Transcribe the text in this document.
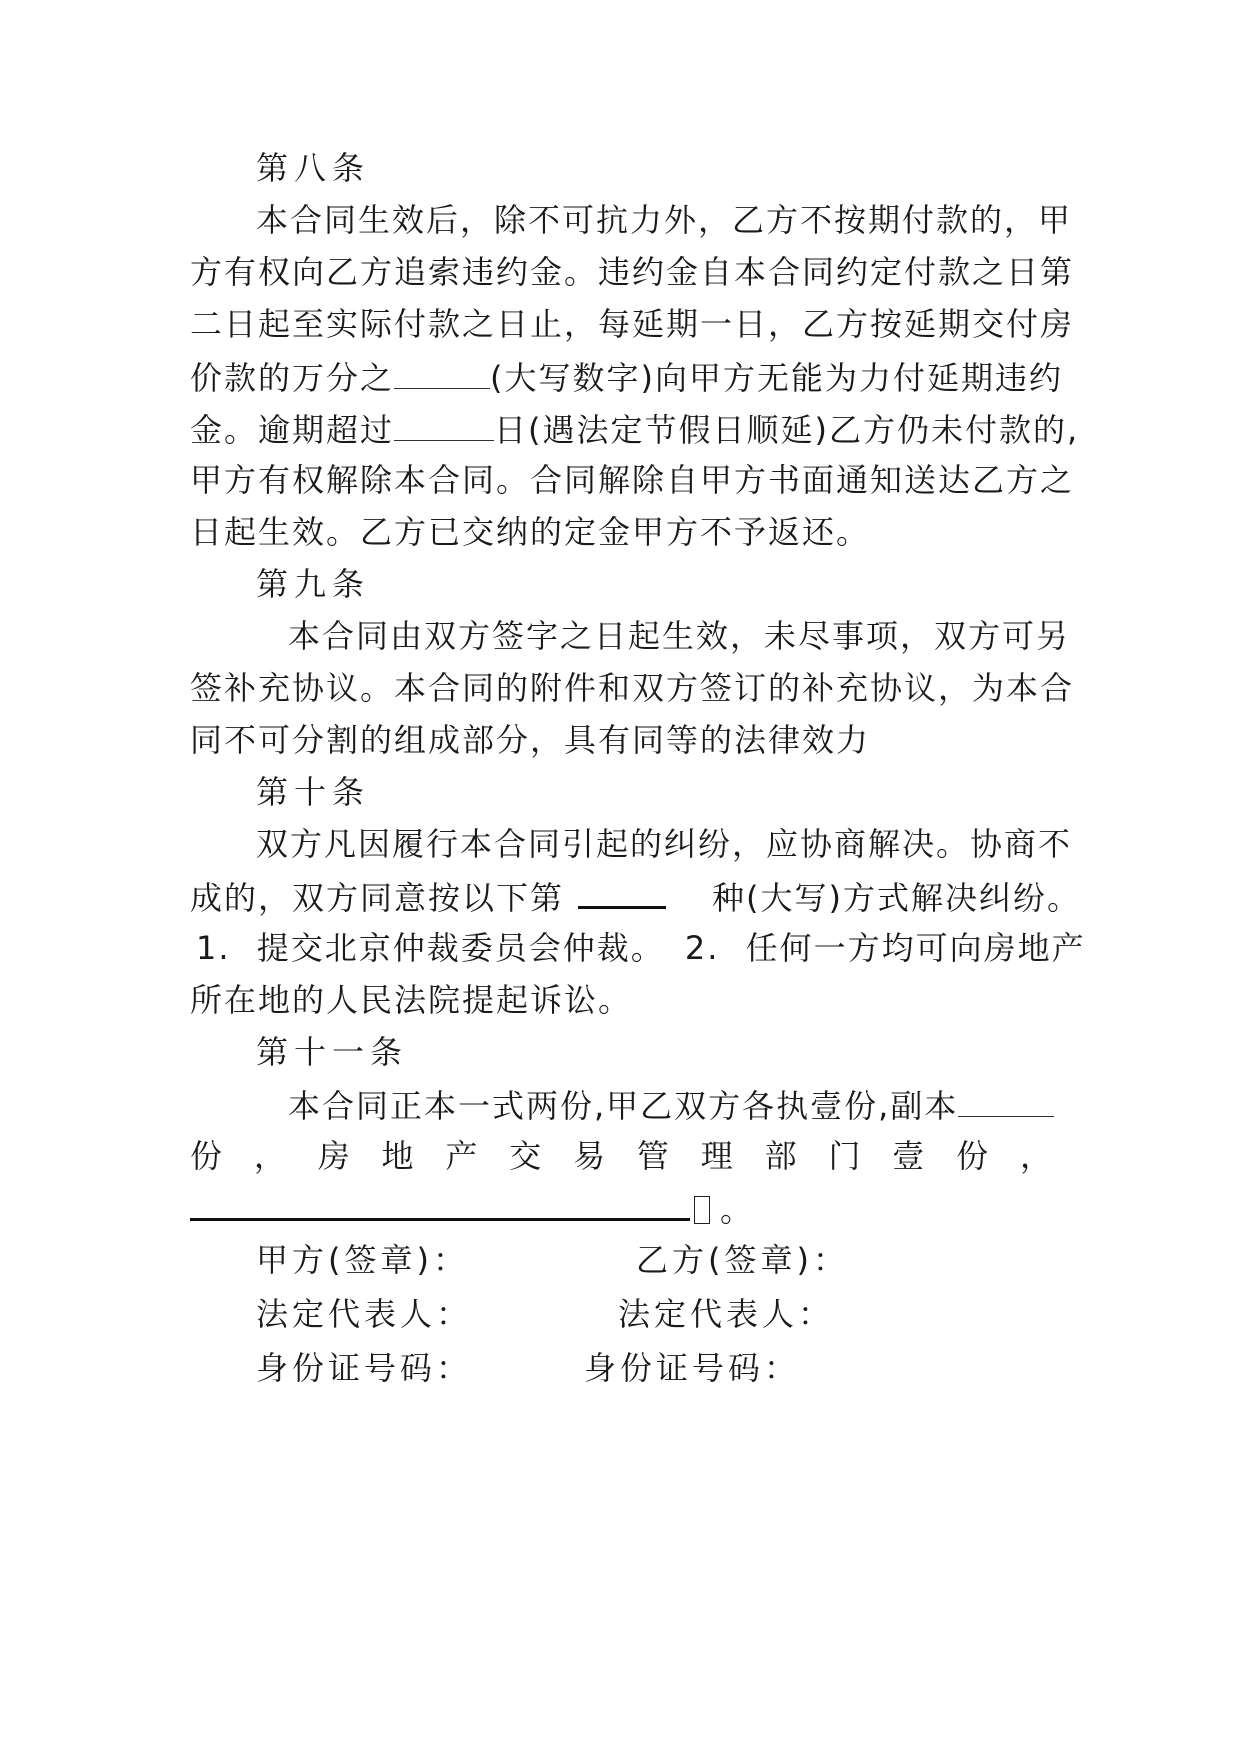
第八条
本合同生效后，除不可抗力外，乙方不按期付款的，甲
方有权向乙方追索违约金。违约金自本合同约定付款之日第
二日起至实际付款之日止，每延期一日，乙方按延期交付房
价款的万分之	(大写数字)向甲方无能为力付延期违约
金。逾期超过	日(遇法定节假日顺延)乙方仍未付款的,
甲方有权解除本合同。合同解除自甲方书面通知送达乙方之
日起生效。乙方已交纳的定金甲方不予返还。
第九条
本合同由双方签字之日起生效，未尽事项，双方可另
签补充协议。本合同的附件和双方签订的补充协议，为本合
同不可分割的组成部分，具有同等的法律效力
第十条
双方凡因履行本合同引起的纠纷，应协商解决。协商不
成的，双方同意按以下第	种(大写)方式解决纠纷。
1. 提交北京仲裁委员会仲裁。 2. 任何一方均可向房地产
所在地的人民法院提起诉讼。
第十一条
本合同正本一式两份,甲乙双方各执壹份,副本
份，房地产交易管理部门壹份，
。
甲方(签章)：	乙方(签章)：
法定代表人：	法定代表人：
身份证号码：	身份证号码：
